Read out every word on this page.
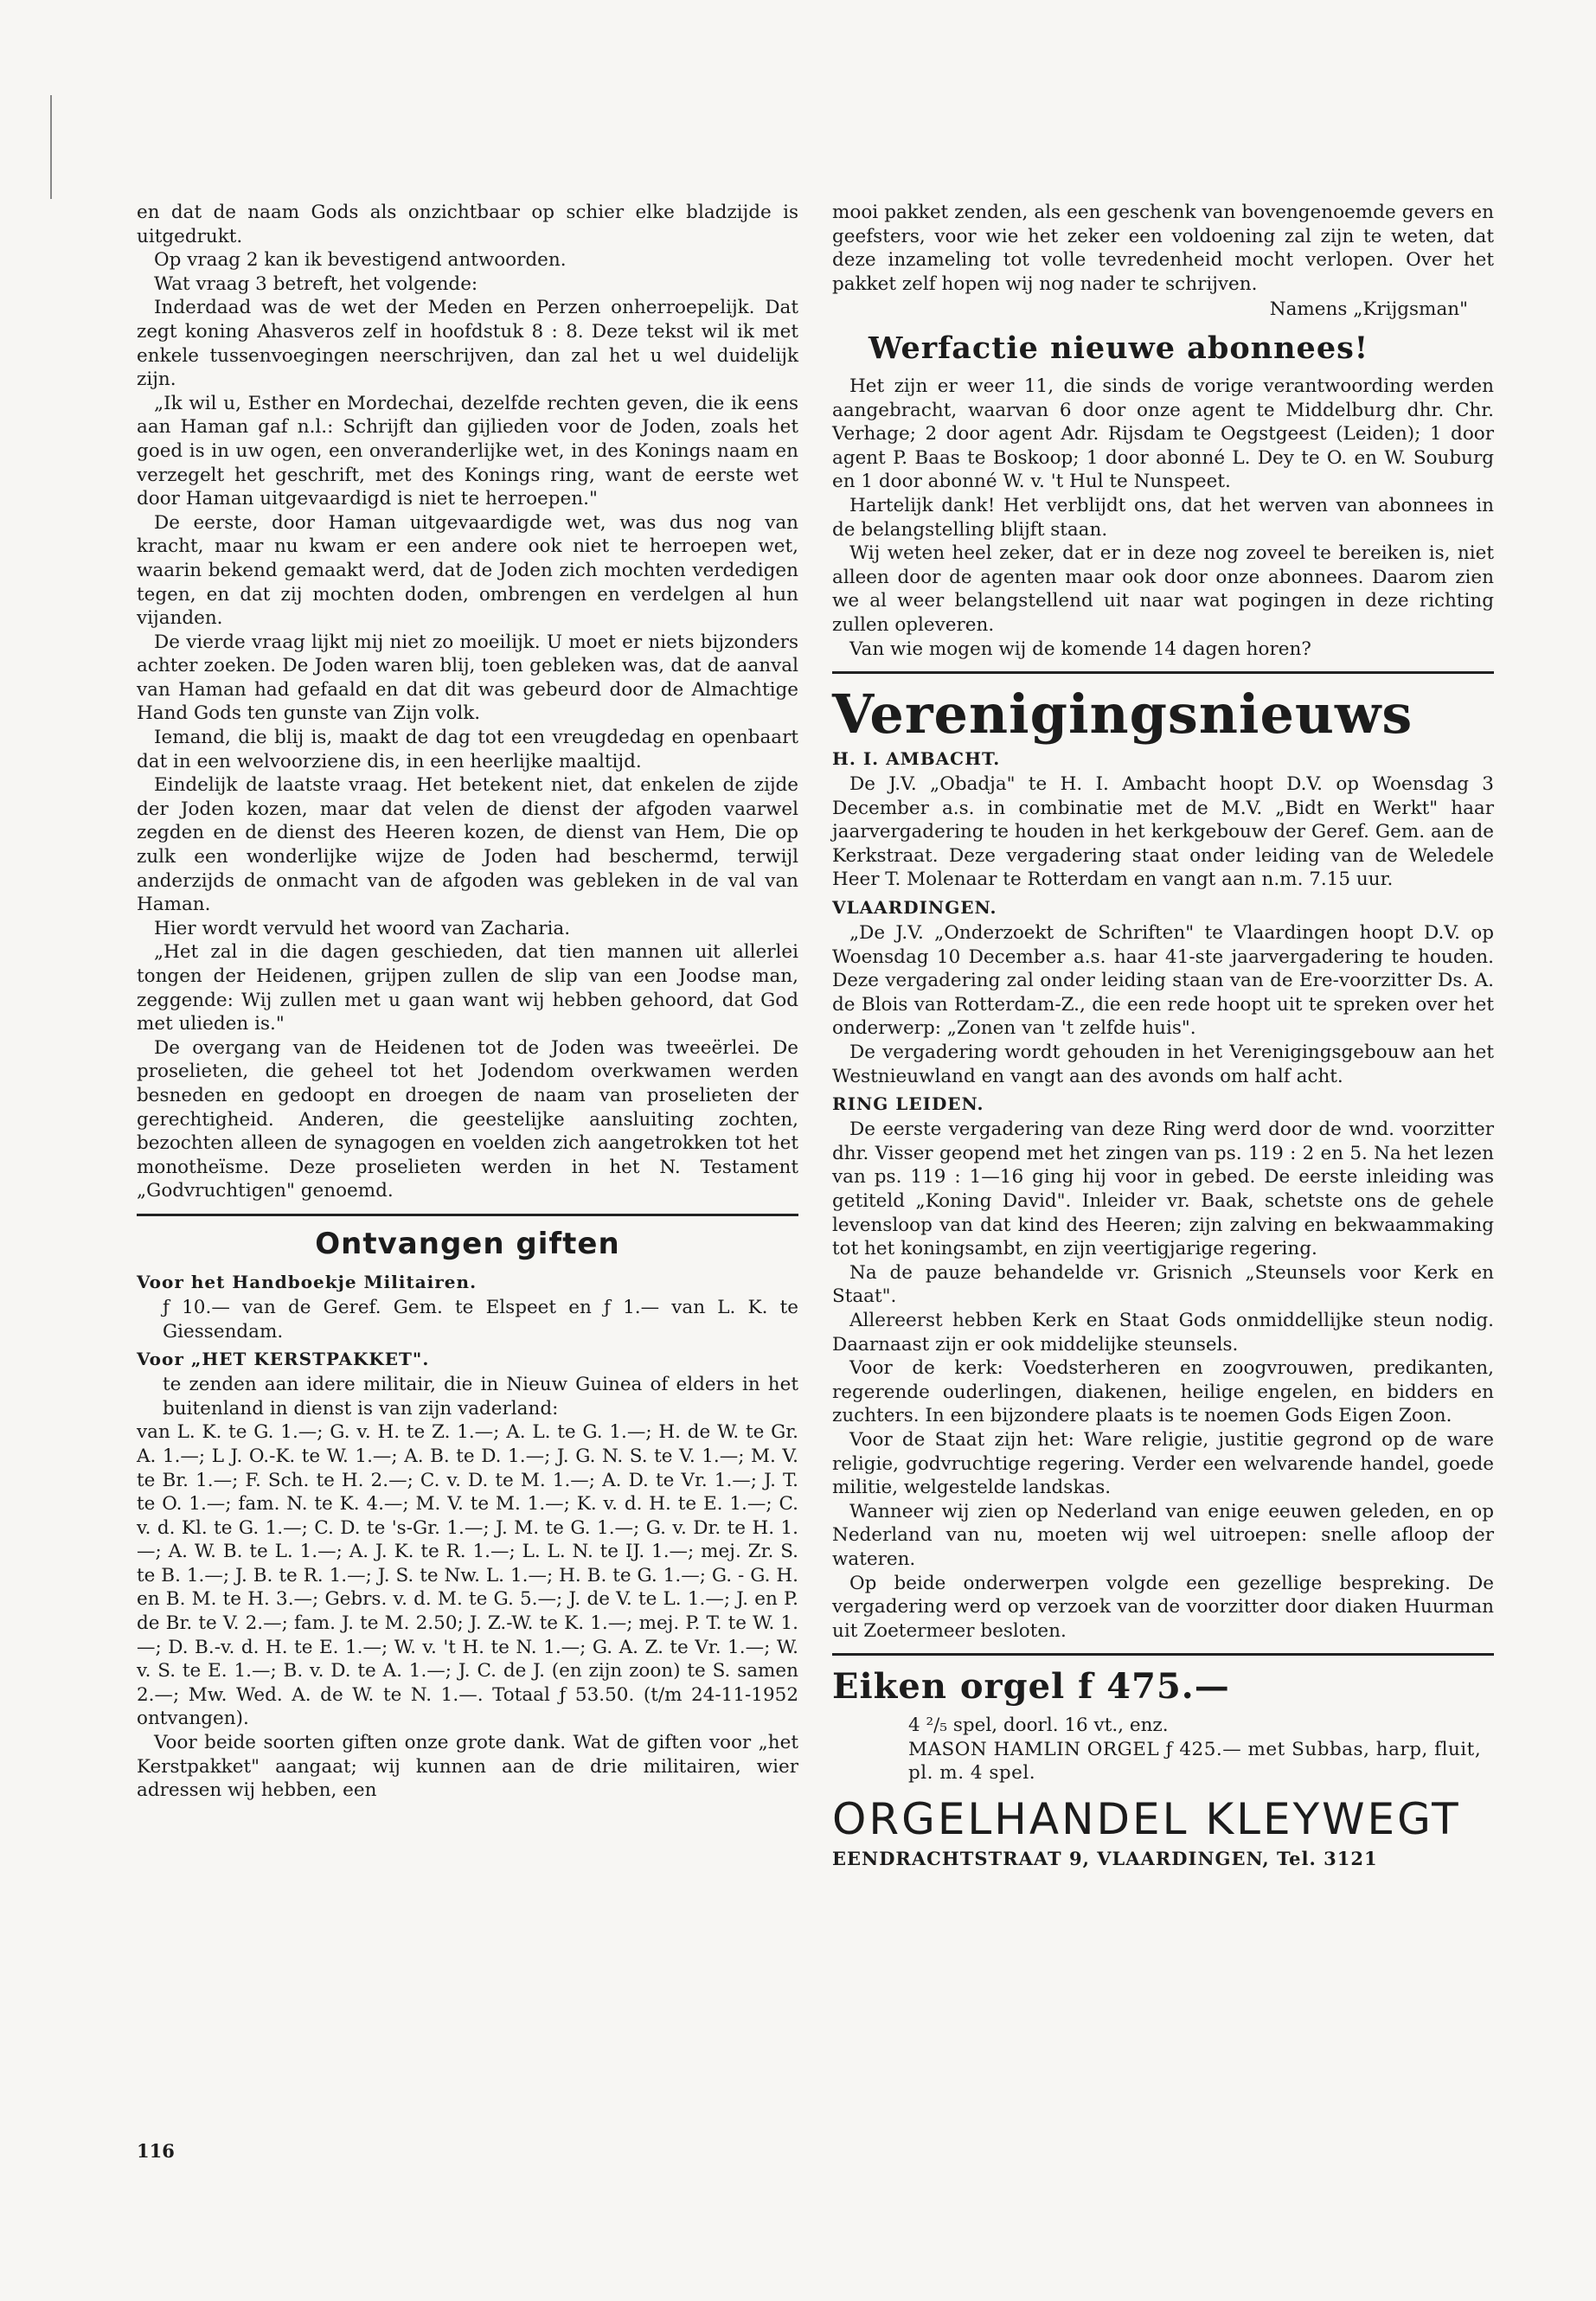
en dat de naam Gods als onzichtbaar op schier elke bladzijde is uitgedrukt.

Op vraag 2 kan ik bevestigend antwoorden.

Wat vraag 3 betreft, het volgende:

Inderdaad was de wet der Meden en Perzen onherroepelijk. Dat zegt koning Ahasveros zelf in hoofdstuk 8 : 8. Deze tekst wil ik met enkele tussenvoegingen neerschrijven, dan zal het u wel duidelijk zijn.

„Ik wil u, Esther en Mordechai, dezelfde rechten geven, die ik eens aan Haman gaf n.l.: Schrijft dan gijlieden voor de Joden, zoals het goed is in uw ogen, een onveranderlijke wet, in des Konings naam en verzegelt het geschrift, met des Konings ring, want de eerste wet door Haman uitgevaardigd is niet te herroepen."

De eerste, door Haman uitgevaardigde wet, was dus nog van kracht, maar nu kwam er een andere ook niet te herroepen wet, waarin bekend gemaakt werd, dat de Joden zich mochten verdedigen tegen, en dat zij mochten doden, ombrengen en verdelgen al hun vijanden.

De vierde vraag lijkt mij niet zo moeilijk. U moet er niets bijzonders achter zoeken. De Joden waren blij, toen gebleken was, dat de aanval van Haman had gefaald en dat dit was gebeurd door de Almachtige Hand Gods ten gunste van Zijn volk.

Iemand, die blij is, maakt de dag tot een vreugdedag en openbaart dat in een welvoorziene dis, in een heerlijke maaltijd.

Eindelijk de laatste vraag. Het betekent niet, dat enkelen de zijde der Joden kozen, maar dat velen de dienst der afgoden vaarwel zegden en de dienst des Heeren kozen, de dienst van Hem, Die op zulk een wonderlijke wijze de Joden had beschermd, terwijl anderzijds de onmacht van de afgoden was gebleken in de val van Haman.

Hier wordt vervuld het woord van Zacharia.

„Het zal in die dagen geschieden, dat tien mannen uit allerlei tongen der Heidenen, grijpen zullen de slip van een Joodse man, zeggende: Wij zullen met u gaan want wij hebben gehoord, dat God met ulieden is."

De overgang van de Heidenen tot de Joden was tweeërlei. De proselieten, die geheel tot het Jodendom overkwamen werden besneden en gedoopt en droegen de naam van proselieten der gerechtigheid. Anderen, die geestelijke aansluiting zochten, bezochten alleen de synagogen en voelden zich aangetrokken tot het monotheïsme. Deze proselieten werden in het N. Testament „Godvruchtigen" genoemd.

Ontvangen giften
Voor het Handboekje Militairen.

ƒ 10.— van de Geref. Gem. te Elspeet en ƒ 1.— van L. K. te Giessendam.

Voor „HET KERSTPAKKET".

te zenden aan idere militair, die in Nieuw Guinea of elders in het buitenland in dienst is van zijn vaderland:

van L. K. te G. 1.—; G. v. H. te Z. 1.—; A. L. te G. 1.—; H. de W. te Gr. A. 1.—; L J. O.-K. te W. 1.—; A. B. te D. 1.—; J. G. N. S. te V. 1.—; M. V. te Br. 1.—; F. Sch. te H. 2.—; C. v. D. te M. 1.—; A. D. te Vr. 1.—; J. T. te O. 1.—; fam. N. te K. 4.—; M. V. te M. 1.—; K. v. d. H. te E. 1.—; C. v. d. Kl. te G. 1.—; C. D. te 's-Gr. 1.—; J. M. te G. 1.—; G. v. Dr. te H. 1.—; A. W. B. te L. 1.—; A. J. K. te R. 1.—; L. L. N. te IJ. 1.—; mej. Zr. S. te B. 1.—; J. B. te R. 1.—; J. S. te Nw. L. 1.—; H. B. te G. 1.—; G. - G. H. en B. M. te H. 3.—; Gebrs. v. d. M. te G. 5.—; J. de V. te L. 1.—; J. en P. de Br. te V. 2.—; fam. J. te M. 2.50; J. Z.-W. te K. 1.—; mej. P. T. te W. 1.—; D. B.-v. d. H. te E. 1.—; W. v. 't H. te N. 1.—; G. A. Z. te Vr. 1.—; W. v. S. te E. 1.—; B. v. D. te A. 1.—; J. C. de J. (en zijn zoon) te S. samen 2.—; Mw. Wed. A. de W. te N. 1.—. Totaal ƒ 53.50. (t/m 24-11-1952 ontvangen).

Voor beide soorten giften onze grote dank. Wat de giften voor „het Kerstpakket" aangaat; wij kunnen aan de drie militairen, wier adressen wij hebben, een

mooi pakket zenden, als een geschenk van bovengenoemde gevers en geefsters, voor wie het zeker een voldoening zal zijn te weten, dat deze inzameling tot volle tevredenheid mocht verlopen. Over het pakket zelf hopen wij nog nader te schrijven.

Namens „Krijgsman"
Werfactie nieuwe abonnees!

Het zijn er weer 11, die sinds de vorige verantwoording werden aangebracht, waarvan 6 door onze agent te Middelburg dhr. Chr. Verhage; 2 door agent Adr. Rijsdam te Oegstgeest (Leiden); 1 door agent P. Baas te Boskoop; 1 door abonné L. Dey te O. en W. Souburg en 1 door abonné W. v. 't Hul te Nunspeet.

Hartelijk dank! Het verblijdt ons, dat het werven van abonnees in de belangstelling blijft staan.

Wij weten heel zeker, dat er in deze nog zoveel te bereiken is, niet alleen door de agenten maar ook door onze abonnees. Daarom zien we al weer belangstellend uit naar wat pogingen in deze richting zullen opleveren.

Van wie mogen wij de komende 14 dagen horen?

Verenigingsnieuws
H. I. AMBACHT.

De J.V. „Obadja" te H. I. Ambacht hoopt D.V. op Woensdag 3 December a.s. in combinatie met de M.V. „Bidt en Werkt" haar jaarvergadering te houden in het kerkgebouw der Geref. Gem. aan de Kerkstraat. Deze vergadering staat onder leiding van de Weledele Heer T. Molenaar te Rotterdam en vangt aan n.m. 7.15 uur.

VLAARDINGEN.

„De J.V. „Onderzoekt de Schriften" te Vlaardingen hoopt D.V. op Woensdag 10 December a.s. haar 41-ste jaarvergadering te houden. Deze vergadering zal onder leiding staan van de Ere-voorzitter Ds. A. de Blois van Rotterdam-Z., die een rede hoopt uit te spreken over het onderwerp: „Zonen van 't zelfde huis".

De vergadering wordt gehouden in het Verenigingsgebouw aan het Westnieuwland en vangt aan des avonds om half acht.

RING LEIDEN.

De eerste vergadering van deze Ring werd door de wnd. voorzitter dhr. Visser geopend met het zingen van ps. 119 : 2 en 5. Na het lezen van ps. 119 : 1—16 ging hij voor in gebed. De eerste inleiding was getiteld „Koning David". Inleider vr. Baak, schetste ons de gehele levensloop van dat kind des Heeren; zijn zalving en bekwaammaking tot het koningsambt, en zijn veertigjarige regering.

Na de pauze behandelde vr. Grisnich „Steunsels voor Kerk en Staat".

Allereerst hebben Kerk en Staat Gods onmiddellijke steun nodig. Daarnaast zijn er ook middelijke steunsels.

Voor de kerk: Voedsterheren en zoogvrouwen, predikanten, regerende ouderlingen, diakenen, heilige engelen, en bidders en zuchters. In een bijzondere plaats is te noemen Gods Eigen Zoon.

Voor de Staat zijn het: Ware religie, justitie gegrond op de ware religie, godvruchtige regering. Verder een welvarende handel, goede militie, welgestelde landskas.

Wanneer wij zien op Nederland van enige eeuwen geleden, en op Nederland van nu, moeten wij wel uitroepen: snelle afloop der wateren.

Op beide onderwerpen volgde een gezellige bespreking. De vergadering werd op verzoek van de voorzitter door diaken Huurman uit Zoetermeer besloten.

Eiken orgel f 475.—
4 ²/₅ spel, doorl. 16 vt., enz.
MASON HAMLIN ORGEL ƒ 425.— met Subbas, harp, fluit, pl. m. 4 spel.
ORGELHANDEL KLEYWEGT
EENDRACHTSTRAAT 9, VLAARDINGEN, Tel. 3121
116
